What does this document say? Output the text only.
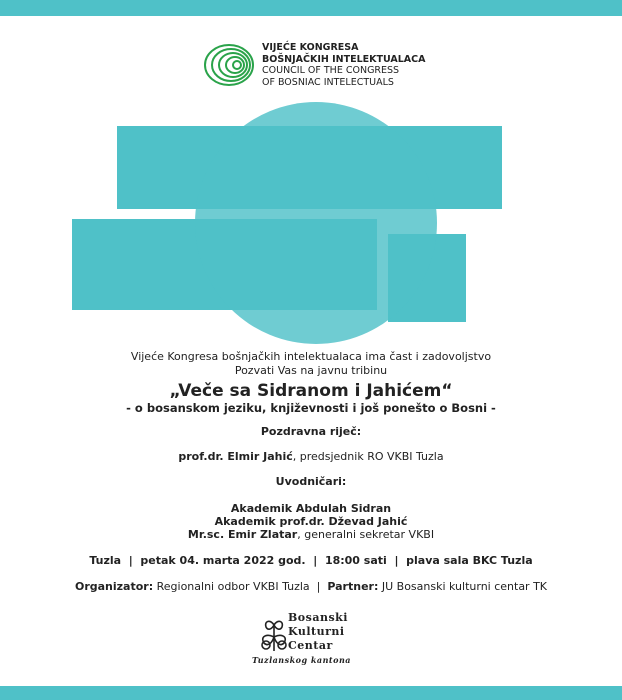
VIJEĆE KONGRESA
BOŠNJAČKIH INTELEKTUALACA
COUNCIL OF THE CONGRESS
OF BOSNIAC INTELECTUALS
Vijeće Kongresa bošnjačkih intelektualaca ima čast i zadovoljstvo
Pozvati Vas na javnu tribinu
„Veče sa Sidranom i Jahićem“
- o bosanskom jeziku, književnosti i još ponešto o Bosni -
Pozdravna riječ:
prof.dr. Elmir Jahić, predsjednik RO VKBI Tuzla
Uvodničari:
Akademik Abdulah Sidran
Akademik prof.dr. Dževad Jahić
Mr.sc. Emir Zlatar, generalni sekretar VKBI
Tuzla  |  petak 04. marta 2022 god.  |  18:00 sati  |  plava sala BKC Tuzla
Organizator: Regionalni odbor VKBI Tuzla  |  Partner: JU Bosanski kulturni centar TK
Bosanski
Kulturni
Centar
Tuzlanskog kantona
